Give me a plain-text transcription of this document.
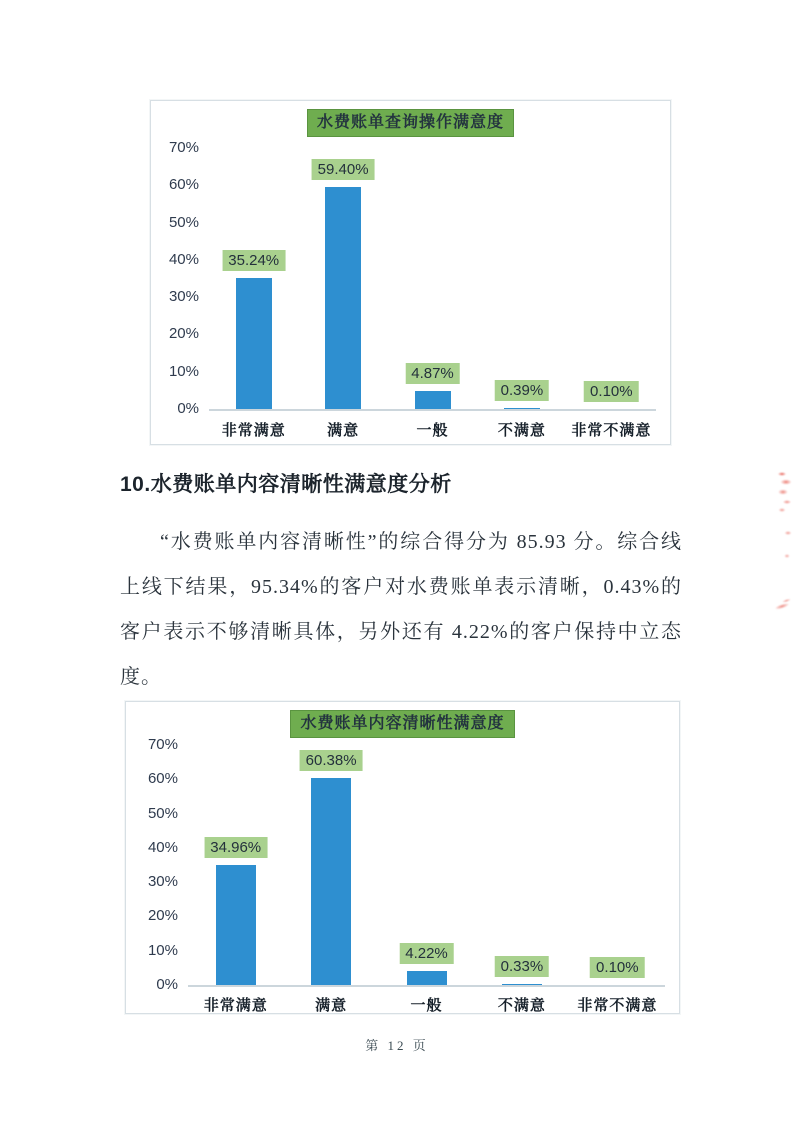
水费账单查询操作满意度
0%
10%
20%
30%
40%
50%
60%
70%
35.24%
59.40%
4.87%
0.39%	0.10%
非常满意	满意	一般	不满意	非常不满意
10.水费账单内容清晰性满意度分析

“水费账单内容清晰性”的综合得分为 85.93 分。综合线上线下结果，95.34%的客户对水费账单表示清晰，0.43%的客户表示不够清晰具体，另外还有 4.22%的客户保持中立态度。

水费账单内容清晰性满意度
0%
10%
20%
30%
40%
50%
60%
70%
34.96%
60.38%
4.22%
0.33%	0.10%
非常满意	满意	一般	不满意	非常不满意
第 12 页
